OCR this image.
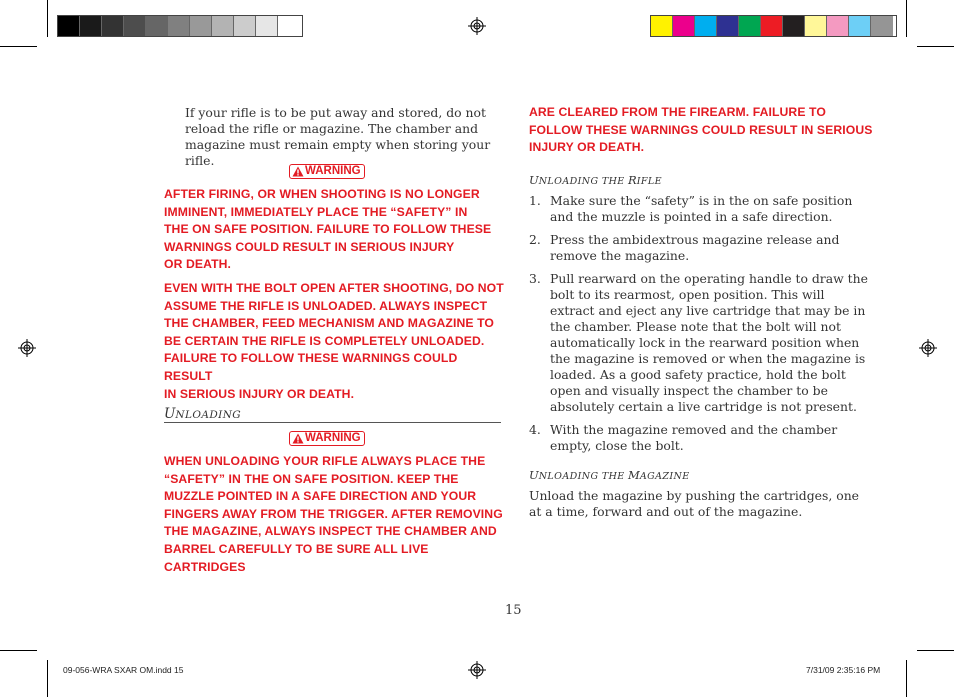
09-056-WRA SXAR OM.indd 15	7/31/09 2:35:16 PM
If your rifle is to be put away and stored, do not reload the rifle or magazine. The chamber and magazine must remain empty when storing your rifle.
WARNING
AFTER FIRING, OR WHEN SHOOTING IS NO LONGER
IMMINENT, IMMEDIATELY PLACE THE “SAFETY” IN
THE ON SAFE POSITION. FAILURE TO FOLLOW THESE
WARNINGS COULD RESULT IN SERIOUS INJURY
OR DEATH.
EVEN WITH THE BOLT OPEN AFTER SHOOTING, DO NOT
ASSUME THE RIFLE IS UNLOADED. ALWAYS INSPECT
THE CHAMBER, FEED MECHANISM AND MAGAZINE TO
BE CERTAIN THE RIFLE IS COMPLETELY UNLOADED.
FAILURE TO FOLLOW THESE WARNINGS COULD RESULT
IN SERIOUS INJURY OR DEATH.
UNLOADING
WARNING
WHEN UNLOADING YOUR RIFLE ALWAYS PLACE THE
“SAFETY” IN THE ON SAFE POSITION. KEEP THE
MUZZLE POINTED IN A SAFE DIRECTION AND YOUR
FINGERS AWAY FROM THE TRIGGER. AFTER REMOVING
THE MAGAZINE, ALWAYS INSPECT THE CHAMBER AND
BARREL CAREFULLY TO BE SURE ALL LIVE CARTRIDGES
ARE CLEARED FROM THE FIREARM. FAILURE TO
FOLLOW THESE WARNINGS COULD RESULT IN SERIOUS
INJURY OR DEATH.
UNLOADING THE RIFLE
1. Make sure the “safety” is in the on safe position and the muzzle is pointed in a safe direction.
2. Press the ambidextrous magazine release and remove the magazine.
3. Pull rearward on the operating handle to draw the bolt to its rearmost, open position. This will extract and eject any live cartridge that may be in the chamber. Please note that the bolt will not automatically lock in the rearward position when the magazine is removed or when the magazine is loaded. As a good safety practice, hold the bolt open and visually inspect the chamber to be absolutely certain a live cartridge is not present.
4. With the magazine removed and the chamber empty, close the bolt.
UNLOADING THE MAGAZINE
Unload the magazine by pushing the cartridges, one at a time, forward and out of the magazine.
15
